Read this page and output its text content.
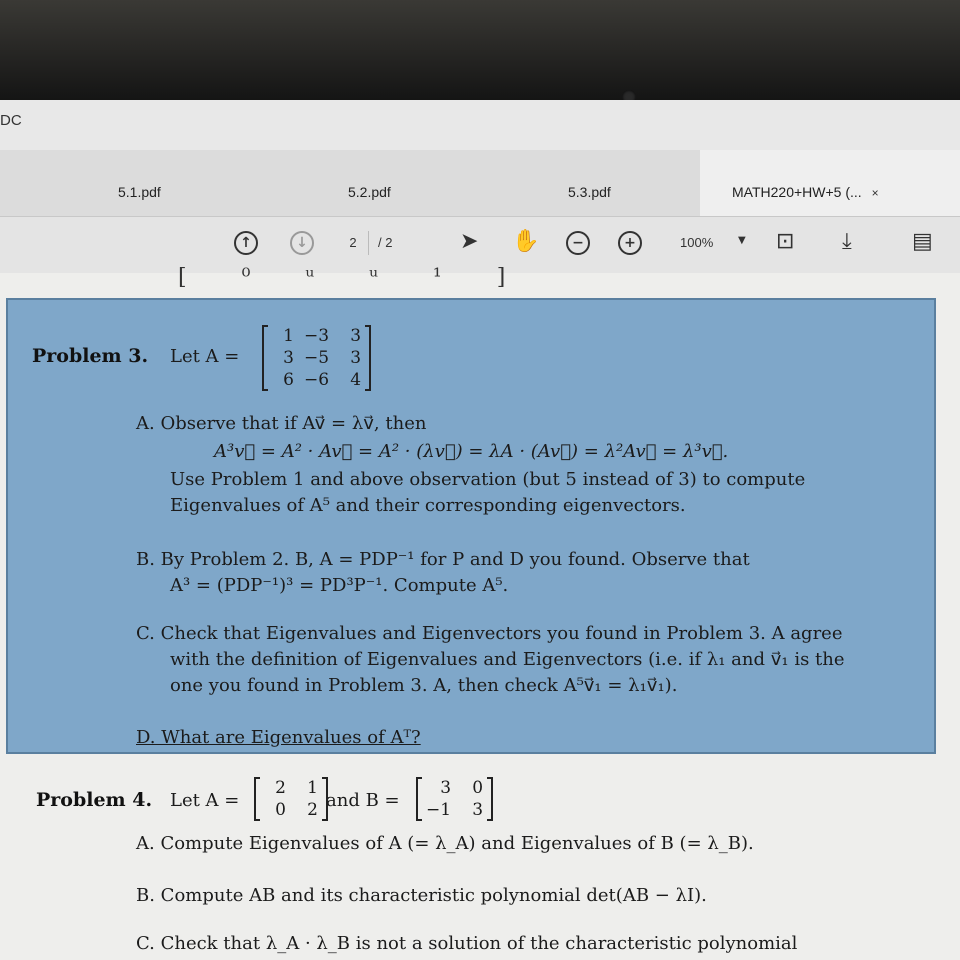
DC
5.1.pdf	5.2.pdf	5.3.pdf	MATH220+HW+5 (... ×
↑	↓	2	/ 2	➤ ✋ −	+	100% ▼ ⊡ ⤓	▤
[ ⁰ ᵘ ᵘ ¹ ]
Problem 3. Let A =
1 −3	3
3 −5	3
6 −6	4
A. Observe that if Av⃗ = λv⃗, then
A³v⃗ = A² · Av⃗ = A² · (λv⃗) = λA · (Av⃗) = λ²Av⃗ = λ³v⃗.
Use Problem 1 and above observation (but 5 instead of 3) to compute
Eigenvalues of A⁵ and their corresponding eigenvectors.
B. By Problem 2. B, A = PDP⁻¹ for P and D you found. Observe that
A³ = (PDP⁻¹)³ = PD³P⁻¹. Compute A⁵.
C. Check that Eigenvalues and Eigenvectors you found in Problem 3. A agree
with the definition of Eigenvalues and Eigenvectors (i.e. if λ₁ and v⃗₁ is the
one you found in Problem 3. A, then check A⁵v⃗₁ = λ₁v⃗₁).
D. What are Eigenvalues of Aᵀ?
Problem 4. Let A =
2	1
0	2 and B =
3	0
−1	3
A. Compute Eigenvalues of A (= λ_A) and Eigenvalues of B (= λ_B).
B. Compute AB and its characteristic polynomial det(AB − λI).
C. Check that λ_A · λ_B is not a solution of the characteristic polynomial
